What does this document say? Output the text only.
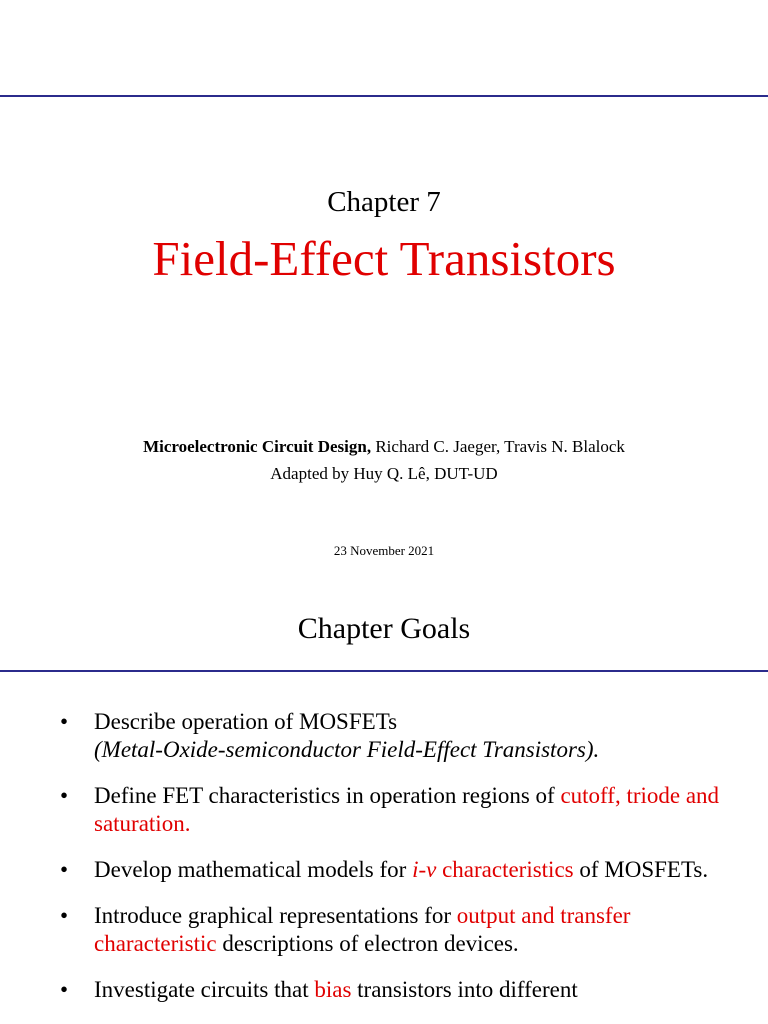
Chapter 7
Field-Effect Transistors
Microelectronic Circuit Design, Richard C. Jaeger, Travis N. Blalock
Adapted by Huy Q. Lê, DUT-UD
23 November 2021
Chapter Goals
• Describe operation of MOSFETs
(Metal-Oxide-semiconductor Field-Effect Transistors).
• Define FET characteristics in operation regions of cutoff, triode and saturation.
• Develop mathematical models for i-v characteristics of MOSFETs.
• Introduce graphical representations for output and transfer characteristic descriptions of electron devices.
• Investigate circuits that bias transistors into different
